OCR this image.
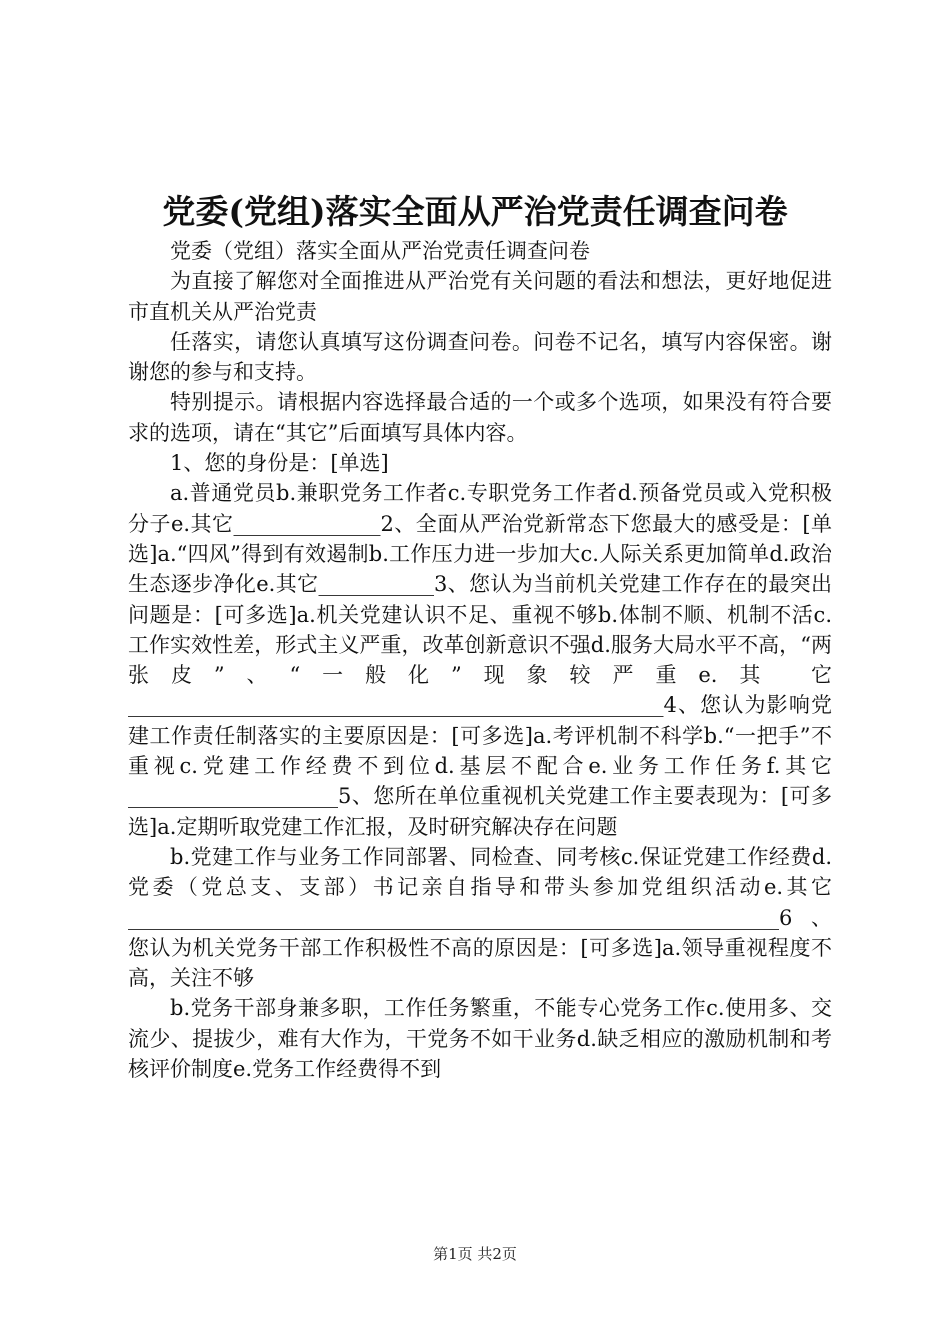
党委(党组)落实全面从严治党责任调查问卷

党委（党组）落实全面从严治党责任调查问卷

为直接了解您对全面推进从严治党有关问题的看法和想法，更好地促进市直机关从严治党责

任落实，请您认真填写这份调查问卷。问卷不记名，填写内容保密。谢谢您的参与和支持。

特别提示。请根据内容选择最合适的一个或多个选项，如果没有符合要求的选项，请在“其它”后面填写具体内容。

1、您的身份是：[单选]

a.普通党员b.兼职党务工作者c.专职党务工作者d.预备党员或入党积极分子e.其它______________2、全面从严治党新常态下您最大的感受是：[单选]a.“四风”得到有效遏制b.工作压力进一步加大c.人际关系更加简单d.政治生态逐步净化e.其它___________3、您认为当前机关党建工作存在的最突出问题是：[可多选]a.机关党建认识不足、重视不够b.体制不顺、机制不活c.工作实效性差，形式主义严重，改革创新意识不强d.服务大局水平不高，“两张皮”、“一般化”现象较严重e.其 它___________________________________________________4、您认为影响党建工作责任制落实的主要原因是：[可多选]a.考评机制不科学b.“一把手”不重视c.党建工作经费不到位d.基层不配合e.业务工作任务f.其它____________________5、您所在单位重视机关党建工作主要表现为：[可多选]a.定期听取党建工作汇报，及时研究解决存在问题

b.党建工作与业务工作同部署、同检查、同考核c.保证党建工作经费d.党委（党总支、支部）书记亲自指导和带头参加党组织活动e.其它______________________________________________________________6、您认为机关党务干部工作积极性不高的原因是：[可多选]a.领导重视程度不高，关注不够

b.党务干部身兼多职，工作任务繁重，不能专心党务工作c.使用多、交流少、提拔少，难有大作为，干党务不如干业务d.缺乏相应的激励机制和考核评价制度e.党务工作经费得不到

第1页 共2页
